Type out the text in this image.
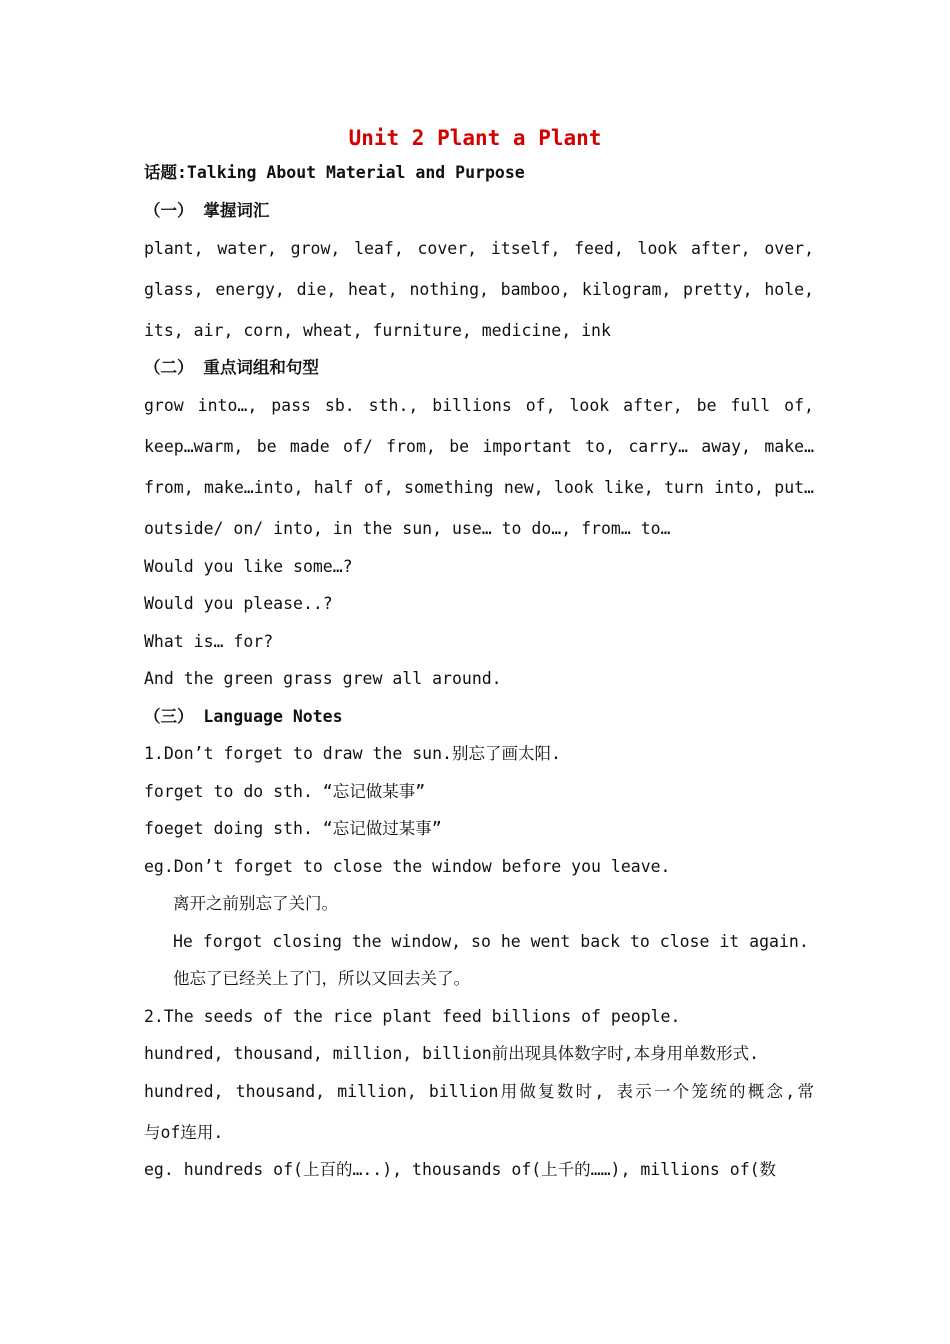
Unit 2 Plant a Plant
话题:Talking About Material and Purpose
（一） 掌握词汇
plant, water, grow, leaf, cover, itself, feed, look after, over,
glass, energy, die, heat, nothing, bamboo, kilogram, pretty, hole,
its, air, corn, wheat, furniture, medicine, ink
（二） 重点词组和句型
grow into…, pass sb. sth., billions of, look after, be full of,
keep…warm, be made of/ from, be important to, carry… away, make…
from, make…into, half of, something new, look like, turn into, put…
outside/ on/ into, in the sun, use… to do…, from… to…
Would you like some…?
Would you please..?
What is… for?
And the green grass grew all around.
（三） Language Notes
1.Don’t forget to draw the sun.别忘了画太阳.
forget to do sth. “忘记做某事”
foeget doing sth. “忘记做过某事”
eg.Don’t forget to close the window before you leave.
离开之前别忘了关门。
He forgot closing the window, so he went back to close it again.
他忘了已经关上了门，所以又回去关了。
2.The seeds of the rice plant feed billions of people.
hundred, thousand, million, billion前出现具体数字时,本身用单数形式.
hundred, thousand, million, billion用做复数时, 表示一个笼统的概念,常
与of连用.
eg. hundreds of(上百的…..), thousands of(上千的……), millions of(数
